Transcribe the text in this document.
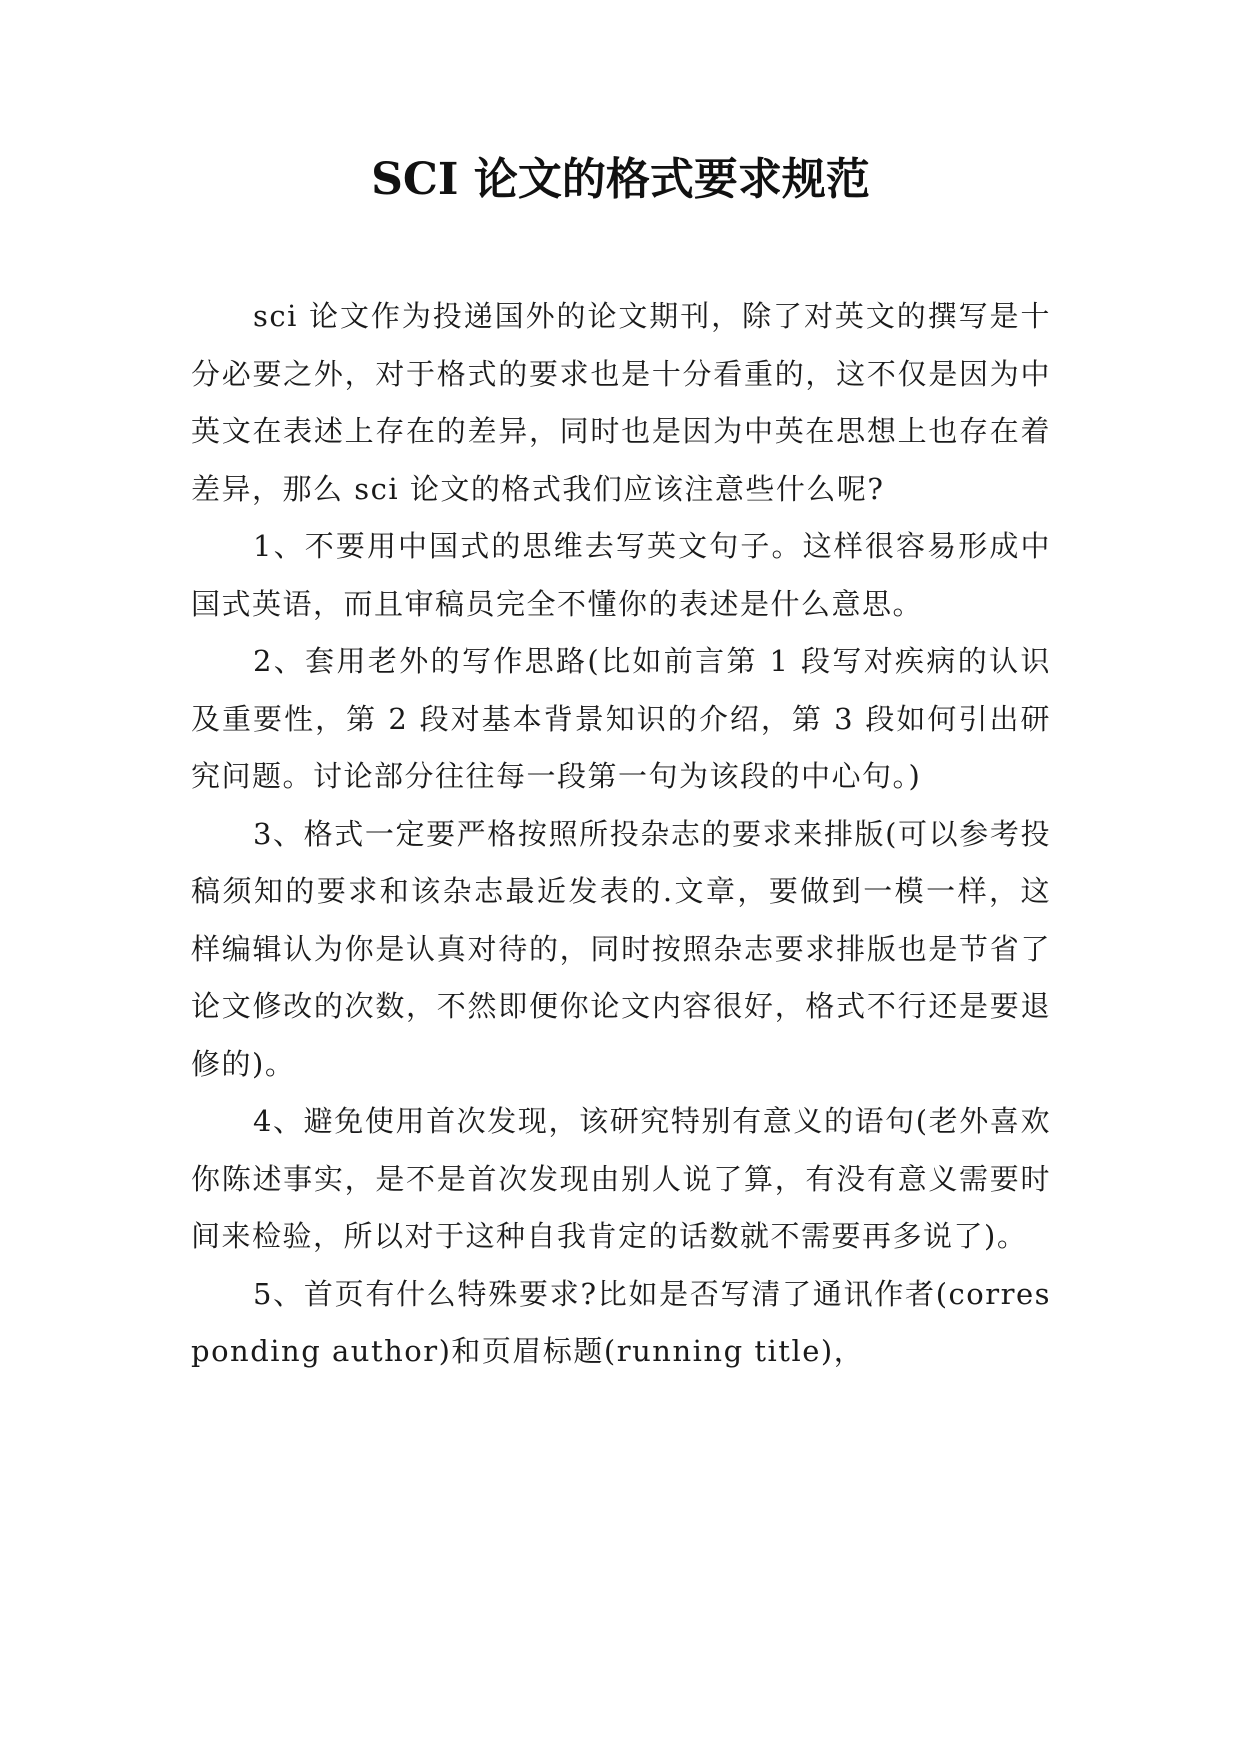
SCI 论文的格式要求规范

sci 论文作为投递国外的论文期刊，除了对英文的撰写是十分必要之外，对于格式的要求也是十分看重的，这不仅是因为中英文在表述上存在的差异，同时也是因为中英在思想上也存在着差异，那么 sci 论文的格式我们应该注意些什么呢?

1、不要用中国式的思维去写英文句子。这样很容易形成中国式英语，而且审稿员完全不懂你的表述是什么意思。

2、套用老外的写作思路(比如前言第 1 段写对疾病的认识及重要性，第 2 段对基本背景知识的介绍，第 3 段如何引出研究问题。讨论部分往往每一段第一句为该段的中心句。)

3、格式一定要严格按照所投杂志的要求来排版(可以参考投稿须知的要求和该杂志最近发表的.文章，要做到一模一样，这样编辑认为你是认真对待的，同时按照杂志要求排版也是节省了论文修改的次数，不然即便你论文内容很好，格式不行还是要退修的)。

4、避免使用首次发现，该研究特别有意义的语句(老外喜欢你陈述事实，是不是首次发现由别人说了算，有没有意义需要时间来检验，所以对于这种自我肯定的话数就不需要再多说了)。

5、首页有什么特殊要求?比如是否写清了通讯作者(corresponding author)和页眉标题(running title)，
